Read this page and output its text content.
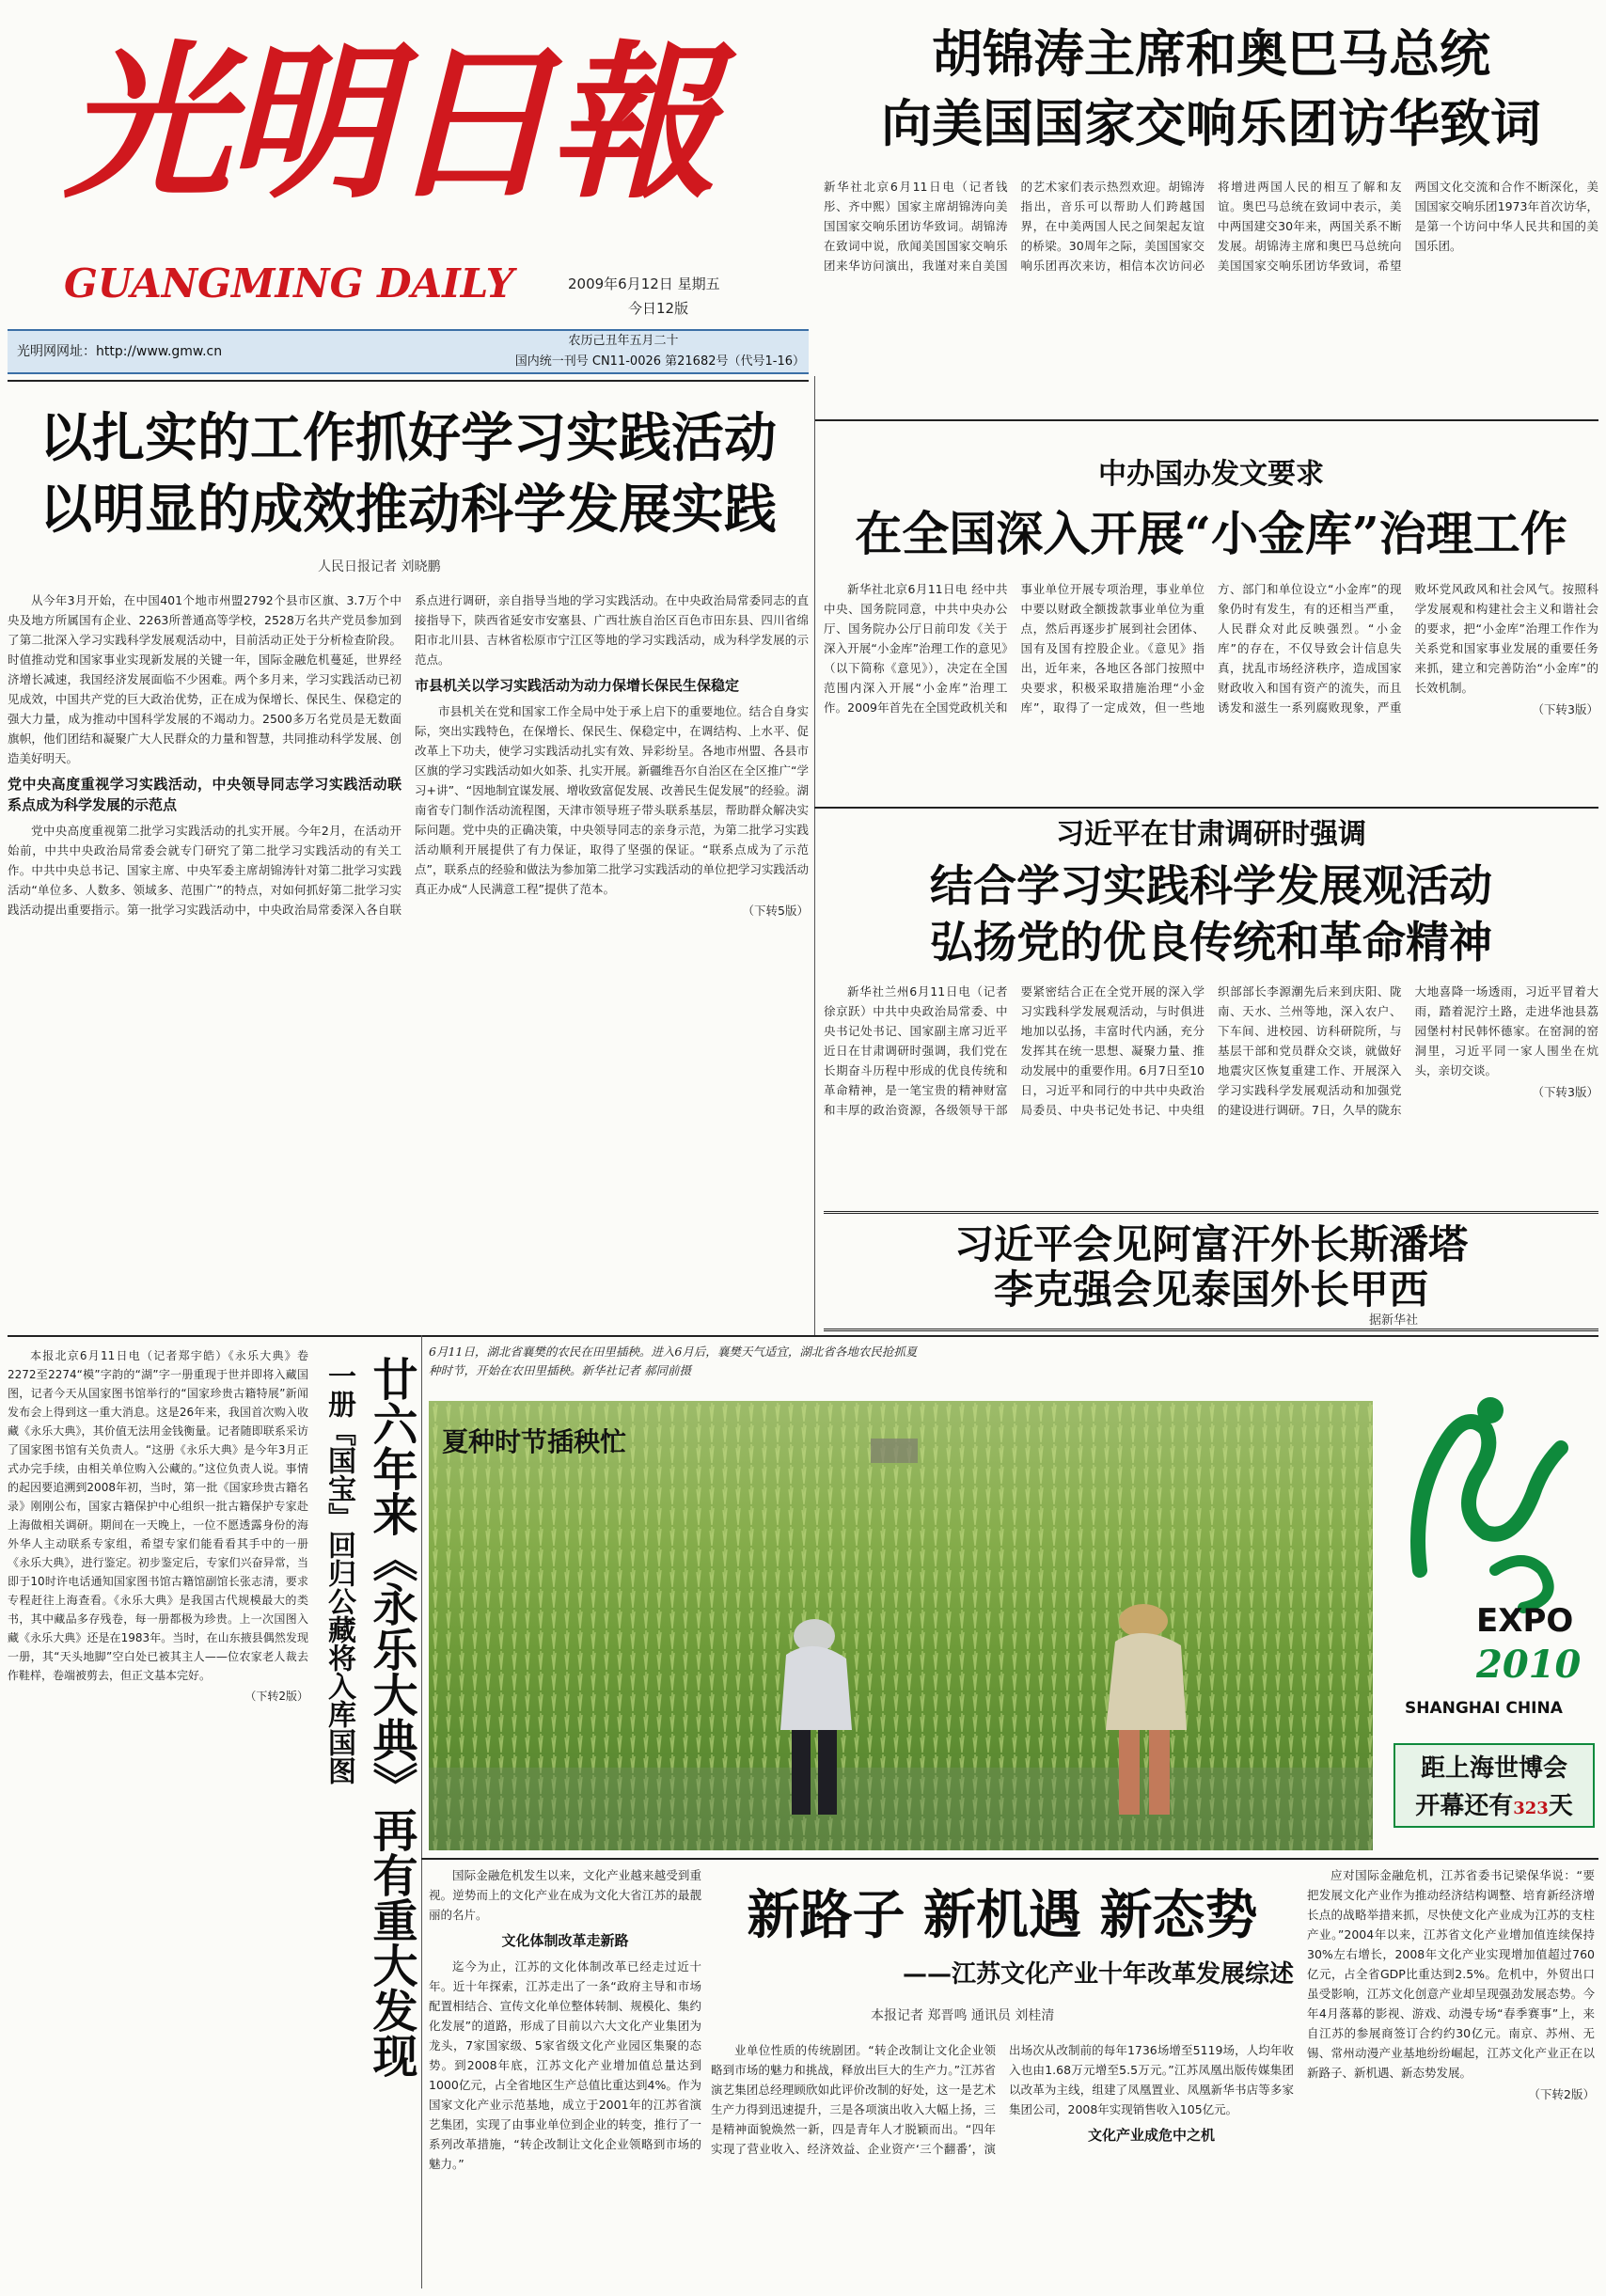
光明日報
GUANGMING DAILY	2009年6月12日 星期五
今日12版
光明网网址：http://www.gmw.cn
农历己丑年五月二十
国内统一刊号 CN11-0026 第21682号（代号1-16）
胡锦涛主席和奥巴马总统
向美国国家交响乐团访华致词
新华社北京6月11日电（记者钱彤、齐中熙）国家主席胡锦涛向美国国家交响乐团访华致词。胡锦涛在致词中说，欣闻美国国家交响乐团来华访问演出，我谨对来自美国的艺术家们表示热烈欢迎。胡锦涛指出，音乐可以帮助人们跨越国界，在中美两国人民之间架起友谊的桥梁。30周年之际，美国国家交响乐团再次来访，相信本次访问必将增进两国人民的相互了解和友谊。奥巴马总统在致词中表示，美中两国建交30年来，两国关系不断发展。胡锦涛主席和奥巴马总统向美国国家交响乐团访华致词，希望两国文化交流和合作不断深化，美国国家交响乐团1973年首次访华，是第一个访问中华人民共和国的美国乐团。
以扎实的工作抓好学习实践活动
以明显的成效推动科学发展实践
人民日报记者 刘晓鹏
从今年3月开始，在中国401个地市州盟2792个县市区旗、3.7万个中央及地方所属国有企业、2263所普通高等学校，2528万名共产党员参加到了第二批深入学习实践科学发展观活动中，目前活动正处于分析检查阶段。时值推动党和国家事业实现新发展的关键一年，国际金融危机蔓延，世界经济增长减速，我国经济发展面临不少困难。两个多月来，学习实践活动已初见成效，中国共产党的巨大政治优势，正在成为保增长、保民生、保稳定的强大力量，成为推动中国科学发展的不竭动力。2500多万名党员是无数面旗帜，他们团结和凝聚广大人民群众的力量和智慧，共同推动科学发展、创造美好明天。
党中央高度重视学习实践活动，中央领导同志学习实践活动联系点成为科学发展的示范点
党中央高度重视第二批学习实践活动的扎实开展。今年2月，在活动开始前，中共中央政治局常委会就专门研究了第二批学习实践活动的有关工作。中共中央总书记、国家主席、中央军委主席胡锦涛针对第二批学习实践活动“单位多、人数多、领域多、范围广”的特点，对如何抓好第二批学习实践活动提出重要指示。第一批学习实践活动中，中央政治局常委深入各自联系点进行调研，亲自指导当地的学习实践活动。在中央政治局常委同志的直接指导下，陕西省延安市安塞县、广西壮族自治区百色市田东县、四川省绵阳市北川县、吉林省松原市宁江区等地的学习实践活动，成为科学发展的示范点。
市县机关以学习实践活动为动力保增长保民生保稳定
市县机关在党和国家工作全局中处于承上启下的重要地位。结合自身实际，突出实践特色，在保增长、保民生、保稳定中，在调结构、上水平、促改革上下功夫，使学习实践活动扎实有效、异彩纷呈。各地市州盟、各县市区旗的学习实践活动如火如荼、扎实开展。新疆维吾尔自治区在全区推广“学习+讲”、“因地制宜谋发展、增收致富促发展、改善民生促发展”的经验。湖南省专门制作活动流程图，天津市领导班子带头联系基层，帮助群众解决实际问题。党中央的正确决策，中央领导同志的亲身示范，为第二批学习实践活动顺利开展提供了有力保证，取得了坚强的保证。“联系点成为了示范点”，联系点的经验和做法为参加第二批学习实践活动的单位把学习实践活动真正办成“人民满意工程”提供了范本。
（下转5版）
中办国办发文要求
在全国深入开展“小金库”治理工作
新华社北京6月11日电 经中共中央、国务院同意，中共中央办公厅、国务院办公厅日前印发《关于深入开展“小金库”治理工作的意见》（以下简称《意见》），决定在全国范围内深入开展“小金库”治理工作。2009年首先在全国党政机关和事业单位开展专项治理，事业单位中要以财政全额拨款事业单位为重点，然后再逐步扩展到社会团体、国有及国有控股企业。《意见》指出，近年来，各地区各部门按照中央要求，积极采取措施治理“小金库”，取得了一定成效，但一些地方、部门和单位设立“小金库”的现象仍时有发生，有的还相当严重，人民群众对此反映强烈。“小金库”的存在，不仅导致会计信息失真，扰乱市场经济秩序，造成国家财政收入和国有资产的流失，而且诱发和滋生一系列腐败现象，严重败坏党风政风和社会风气。按照科学发展观和构建社会主义和谐社会的要求，把“小金库”治理工作作为关系党和国家事业发展的重要任务来抓，建立和完善防治“小金库”的长效机制。
（下转3版）
习近平在甘肃调研时强调
结合学习实践科学发展观活动
弘扬党的优良传统和革命精神
新华社兰州6月11日电（记者徐京跃）中共中央政治局常委、中央书记处书记、国家副主席习近平近日在甘肃调研时强调，我们党在长期奋斗历程中形成的优良传统和革命精神，是一笔宝贵的精神财富和丰厚的政治资源，各级领导干部要紧密结合正在全党开展的深入学习实践科学发展观活动，与时俱进地加以弘扬，丰富时代内涵，充分发挥其在统一思想、凝聚力量、推动发展中的重要作用。6月7日至10日，习近平和同行的中共中央政治局委员、中央书记处书记、中央组织部部长李源潮先后来到庆阳、陇南、天水、兰州等地，深入农户、下车间、进校园、访科研院所，与基层干部和党员群众交谈，就做好地震灾区恢复重建工作、开展深入学习实践科学发展观活动和加强党的建设进行调研。7日，久旱的陇东大地喜降一场透雨，习近平冒着大雨，踏着泥泞土路，走进华池县荔园堡村村民韩怀德家。在窑洞的窑洞里，习近平同一家人围坐在炕头，亲切交谈。
（下转3版）
习近平会见阿富汗外长斯潘塔
李克强会见泰国外长甲西
据新华社
廿六年来《永乐大典》再有重大发现
一册『国宝』回归公藏将入库国图
本报北京6月11日电（记者郑宇皓）《永乐大典》卷2272至2274“模”字韵的“湖”字一册重现于世并即将入藏国图，记者今天从国家图书馆举行的“国家珍贵古籍特展”新闻发布会上得到这一重大消息。这是26年来，我国首次购入收藏《永乐大典》，其价值无法用金钱衡量。记者随即联系采访了国家图书馆有关负责人。“这册《永乐大典》是今年3月正式办完手续，由相关单位购入公藏的。”这位负责人说。事情的起因要追溯到2008年初，当时，第一批《国家珍贵古籍名录》刚刚公布，国家古籍保护中心组织一批古籍保护专家赴上海做相关调研。期间在一天晚上，一位不愿透露身份的海外华人主动联系专家组，希望专家们能看看其手中的一册《永乐大典》，进行鉴定。初步鉴定后，专家们兴奋异常，当即于10时许电话通知国家图书馆古籍馆副馆长张志清，要求专程赶往上海查看。《永乐大典》是我国古代规模最大的类书，其中藏品多存残卷，每一册都极为珍贵。上一次国图入藏《永乐大典》还是在1983年。当时，在山东掖县偶然发现一册，其“天头地脚”空白处已被其主人——位农家老人裁去作鞋样，卷端被剪去，但正文基本完好。
（下转2版）
6月11日，湖北省襄樊的农民在田里插秧。进入6月后，襄樊天气适宜，湖北省各地农民抢抓夏种时节，开始在农田里插秧。新华社记者 郝同前摄
夏种时节插秧忙
EXPO
2010
SHANGHAI CHINA
距上海世博会
开幕还有323天
国际金融危机发生以来，文化产业越来越受到重视。逆势而上的文化产业在成为文化大省江苏的最靓丽的名片。
文化体制改革走新路
迄今为止，江苏的文化体制改革已经走过近十年。近十年探索，江苏走出了一条“政府主导和市场配置相结合、宣传文化单位整体转制、规模化、集约化发展”的道路，形成了目前以六大文化产业集团为龙头，7家国家级、5家省级文化产业园区集聚的态势。到2008年底，江苏文化产业增加值总量达到1000亿元，占全省地区生产总值比重达到4%。作为国家文化产业示范基地，成立于2001年的江苏省演艺集团，实现了由事业单位到企业的转变，推行了一系列改革措施，“转企改制让文化企业领略到市场的魅力。”
新路子 新机遇 新态势
——江苏文化产业十年改革发展综述
本报记者 郑晋鸣 通讯员 刘桂清
业单位性质的传统剧团。“转企改制让文化企业领略到市场的魅力和挑战，释放出巨大的生产力。”江苏省演艺集团总经理顾欣如此评价改制的好处，这一是艺术生产力得到迅速提升，三是各项演出收入大幅上扬，三是精神面貌焕然一新，四是青年人才脱颖而出。“四年实现了营业收入、经济效益、企业资产‘三个翻番’，演出场次从改制前的每年1736场增至5119场，人均年收入也由1.68万元增至5.5万元。”江苏凤凰出版传媒集团以改革为主线，组建了凤凰置业、凤凰新华书店等多家集团公司，2008年实现销售收入105亿元。
文化产业成危中之机
应对国际金融危机，江苏省委书记梁保华说：“要把发展文化产业作为推动经济结构调整、培育新经济增长点的战略举措来抓，尽快使文化产业成为江苏的支柱产业。”2004年以来，江苏省文化产业增加值连续保持30%左右增长，2008年文化产业实现增加值超过760亿元，占全省GDP比重达到2.5%。危机中，外贸出口虽受影响，江苏文化创意产业却呈现强劲发展态势。今年4月落幕的影视、游戏、动漫专场“春季赛事”上，来自江苏的参展商签订合约约30亿元。南京、苏州、无锡、常州动漫产业基地纷纷崛起，江苏文化产业正在以新路子、新机遇、新态势发展。
（下转2版）
